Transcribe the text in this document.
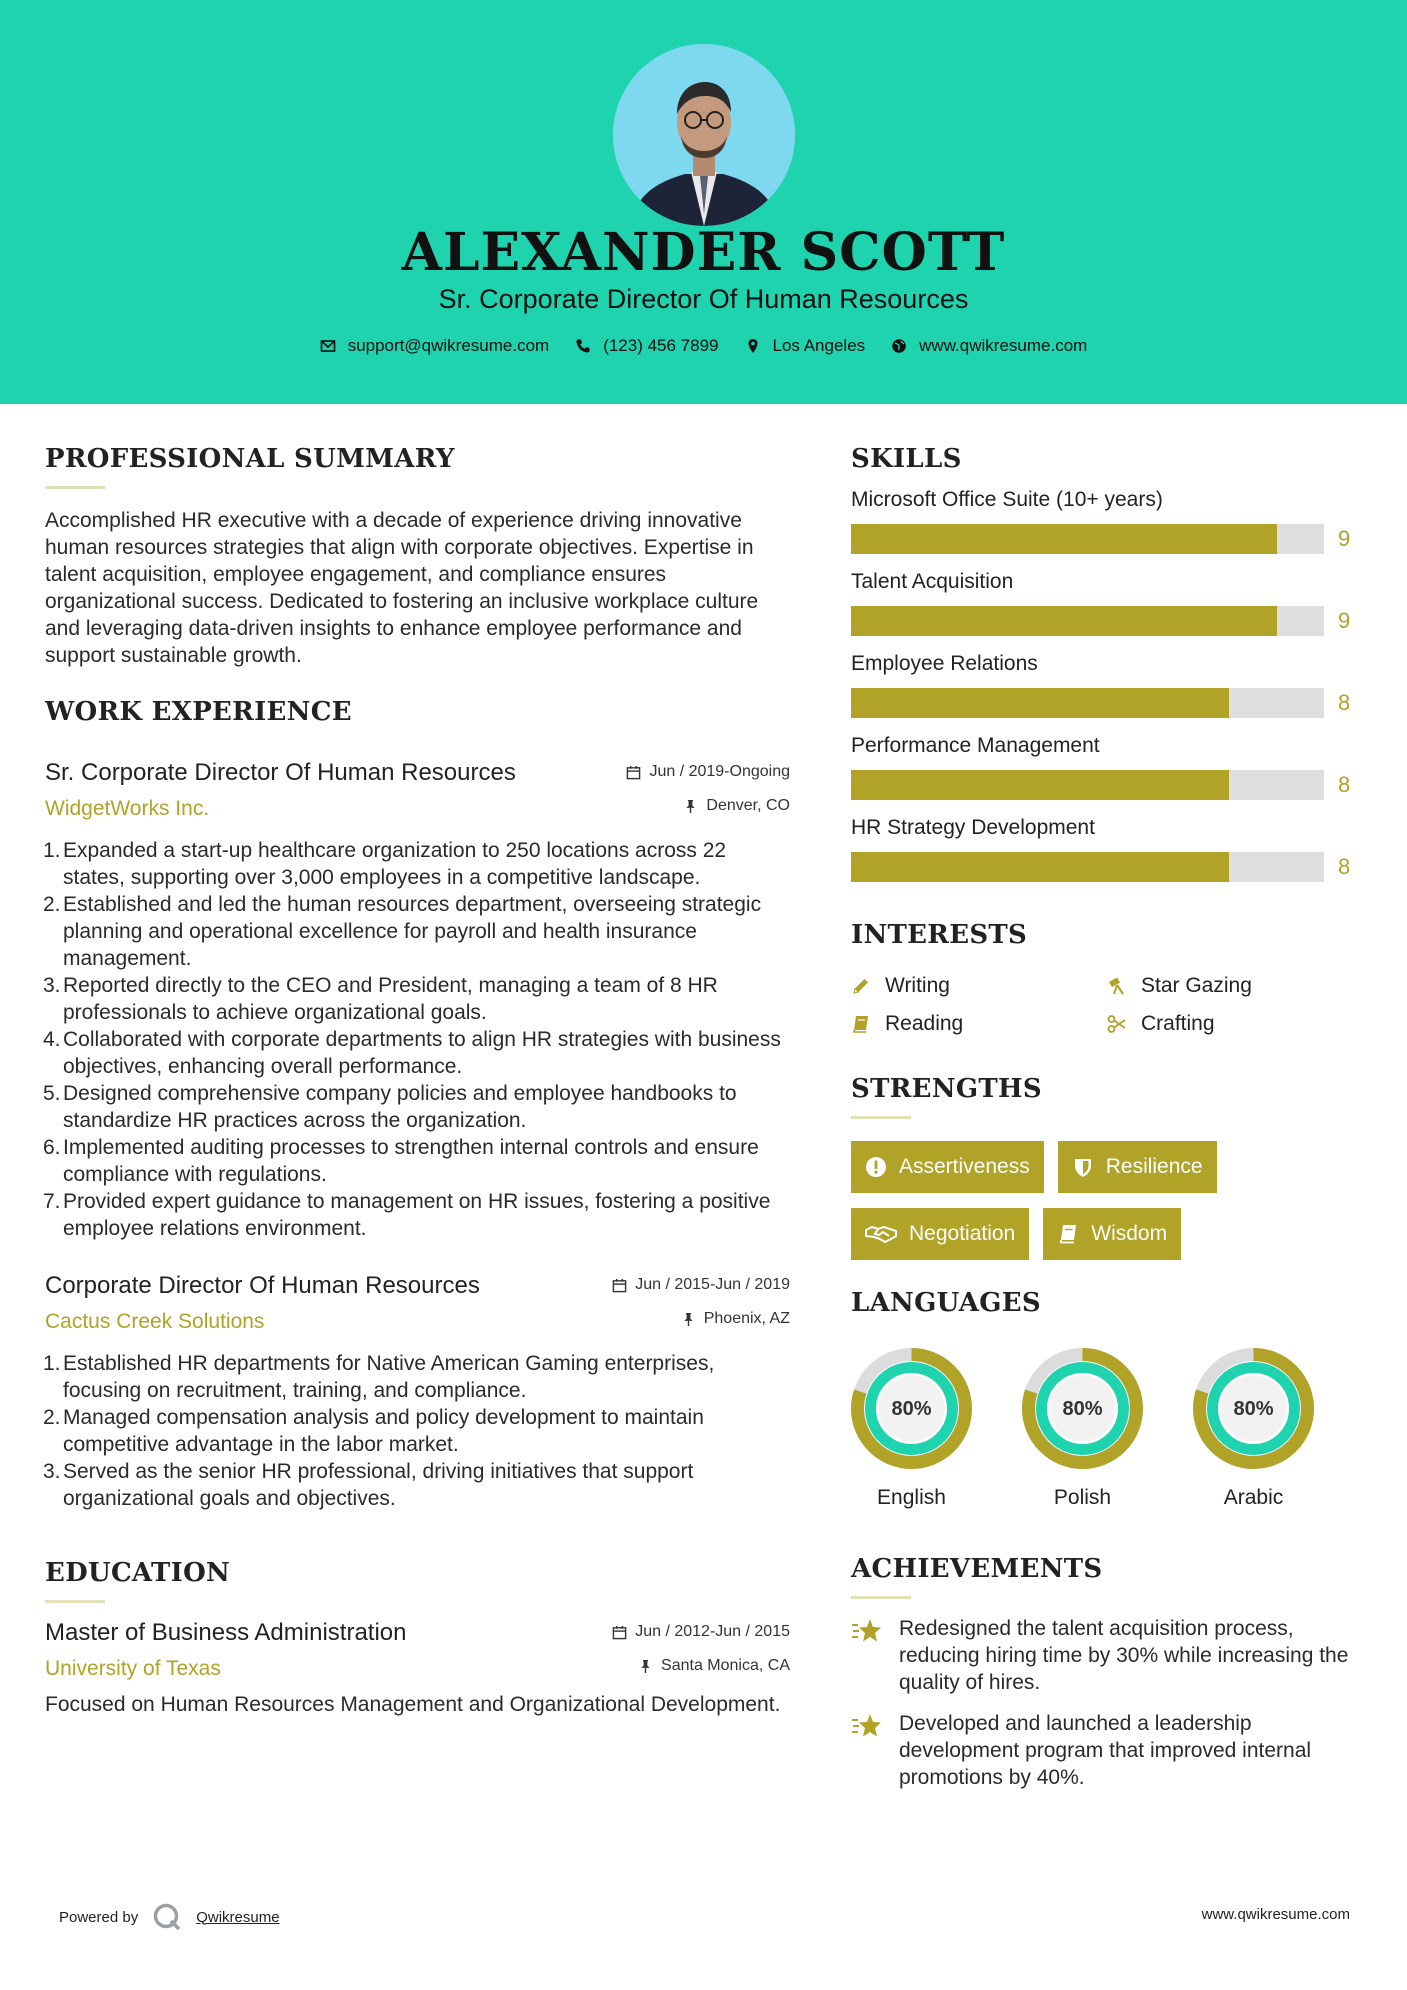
ALEXANDER SCOTT
Sr. Corporate Director Of Human Resources
support@qwikresume.com	(123) 456 7899	Los Angeles	www.qwikresume.com
PROFESSIONAL SUMMARY

Accomplished HR executive with a decade of experience driving innovative human resources strategies that align with corporate objectives. Expertise in talent acquisition, employee engagement, and compliance ensures organizational success. Dedicated to fostering an inclusive workplace culture and leveraging data-driven insights to enhance employee performance and support sustainable growth.

WORK EXPERIENCE
Sr. Corporate Director Of Human Resources	Jun / 2019-Ongoing
WidgetWorks Inc.	Denver, CO
1. Expanded a start-up healthcare organization to 250 locations across 22 states, supporting over 3,000 employees in a competitive landscape.
2. Established and led the human resources department, overseeing strategic planning and operational excellence for payroll and health insurance management.
3. Reported directly to the CEO and President, managing a team of 8 HR professionals to achieve organizational goals.
4. Collaborated with corporate departments to align HR strategies with business objectives, enhancing overall performance.
5. Designed comprehensive company policies and employee handbooks to standardize HR practices across the organization.
6. Implemented auditing processes to strengthen internal controls and ensure compliance with regulations.
7. Provided expert guidance to management on HR issues, fostering a positive employee relations environment.
Corporate Director Of Human Resources	Jun / 2015-Jun / 2019
Cactus Creek Solutions	Phoenix, AZ
1. Established HR departments for Native American Gaming enterprises, focusing on recruitment, training, and compliance.
2. Managed compensation analysis and policy development to maintain competitive advantage in the labor market.
3. Served as the senior HR professional, driving initiatives that support organizational goals and objectives.
EDUCATION
Master of Business Administration	Jun / 2012-Jun / 2015
University of Texas	Santa Monica, CA

Focused on Human Resources Management and Organizational Development.

SKILLS
Microsoft Office Suite (10+ years)
9
Talent Acquisition
9
Employee Relations
8
Performance Management
8
HR Strategy Development
8
INTERESTS
Writing	Star Gazing
Reading	Crafting
STRENGTHS
Assertiveness	Resilience
Negotiation	Wisdom
LANGUAGES
80%
English
80%
Polish
80%
Arabic
ACHIEVEMENTS
Redesigned the talent acquisition process, reducing hiring time by 30% while increasing the quality of hires.
Developed and launched a leadership development program that improved internal promotions by 40%.
Powered by	Qwikresume	www.qwikresume.com
